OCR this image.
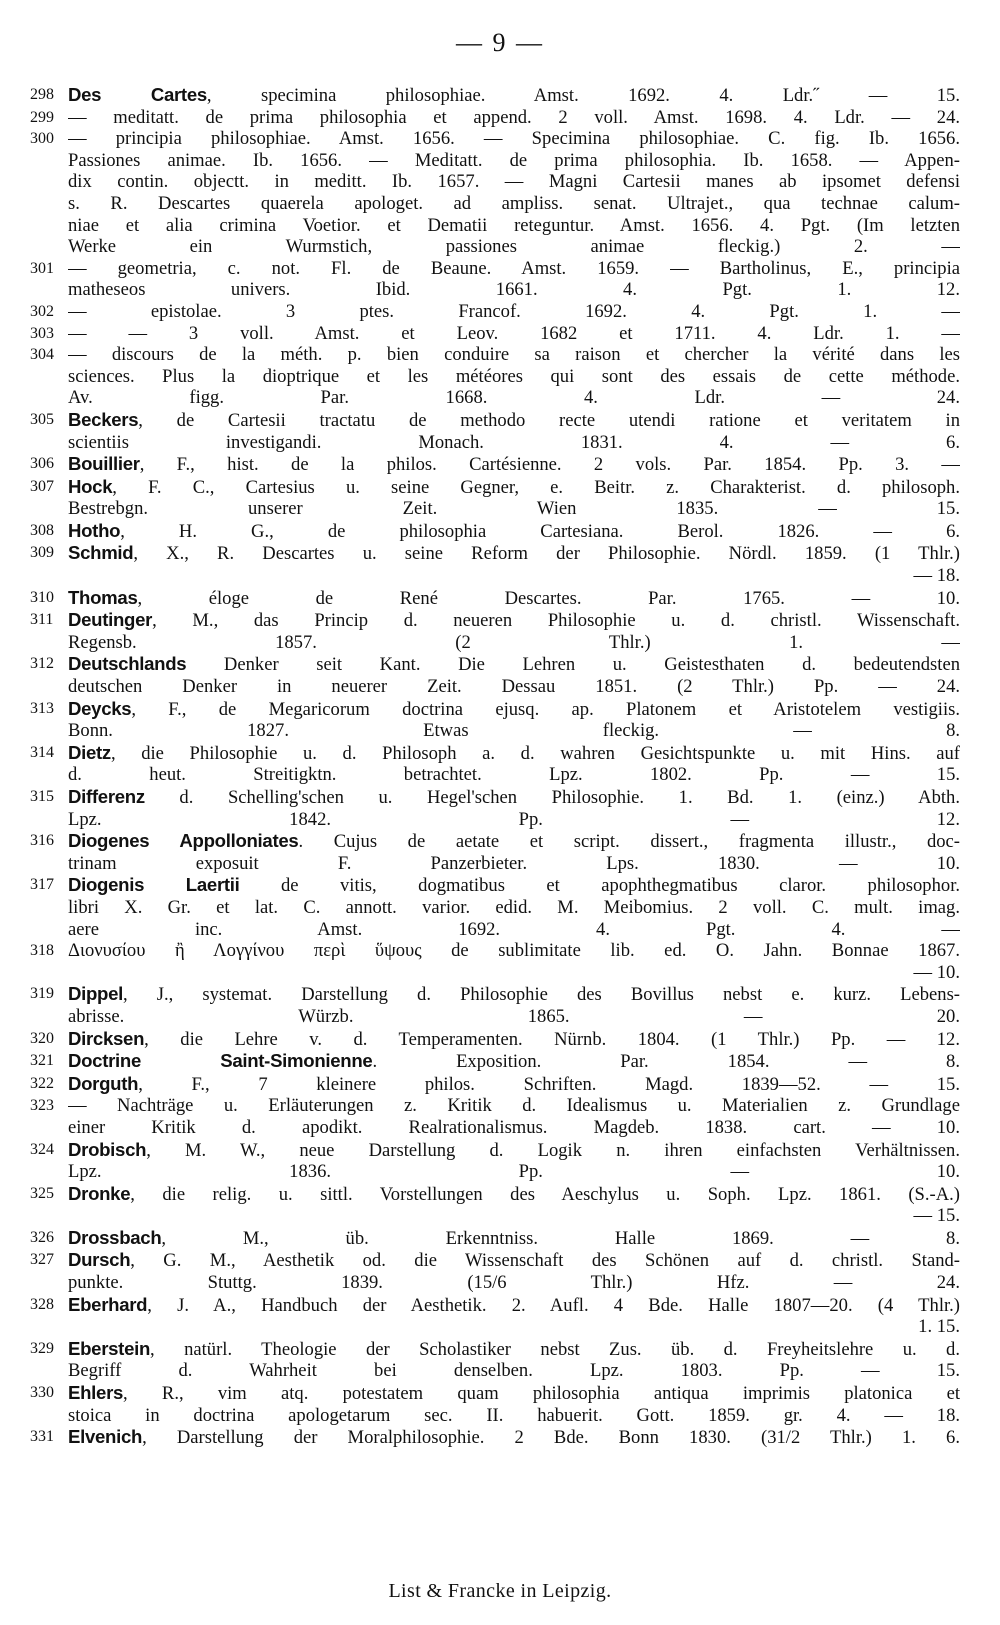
— 9 —
298 Des Cartes, specimina philosophiae. Amst. 1692. 4. Ldr.˝	— 15.
299 — meditatt. de prima philosophia et append. 2 voll. Amst. 1698. 4. Ldr. — 24.
300 — principia philosophiae. Amst. 1656. — Specimina philosophiae. C. fig. Ib. 1656.
Passiones animae. Ib. 1656. — Meditatt. de prima philosophia. Ib. 1658. — Appen-
dix contin. objectt. in meditt. Ib. 1657. — Magni Cartesii manes ab ipsomet defensi
s. R. Descartes quaerela apologet. ad ampliss. senat. Ultrajet., qua technae calum-
niae et alia crimina Voetior. et Dematii reteguntur. Amst. 1656. 4. Pgt. (Im letzten
Werke ein Wurmstich, passiones animae fleckig.)	2. —
301 — geometria, c. not. Fl. de Beaune. Amst. 1659. — Bartholinus, E., principia
matheseos univers. Ibid. 1661. 4. Pgt.	1. 12.
302 — epistolae. 3 ptes. Francof. 1692. 4. Pgt.	1. —
303 — — 3 voll. Amst. et Leov. 1682 et 1711. 4. Ldr. 1. —
304 — discours de la méth. p. bien conduire sa raison et chercher la vérité dans les
sciences. Plus la dioptrique et les météores qui sont des essais de cette méthode.
Av. figg. Par. 1668. 4. Ldr.	— 24.
305 Beckers, de Cartesii tractatu de methodo recte utendi ratione et veritatem in
scientiis investigandi. Monach. 1831. 4.	— 6.
306 Bouillier, F., hist. de la philos. Cartésienne. 2 vols. Par. 1854. Pp. 3. —
307 Hock, F. C., Cartesius u. seine Gegner, e. Beitr. z. Charakterist. d. philosoph.
Bestrebgn. unserer Zeit. Wien 1835.	— 15.
308 Hotho, H. G., de philosophia Cartesiana. Berol. 1826.	— 6.
309 Schmid, X., R. Descartes u. seine Reform der Philosophie. Nördl. 1859. (1 Thlr.)
— 18.
310 Thomas, éloge de René Descartes. Par. 1765.	— 10.
311 Deutinger, M., das Princip d. neueren Philosophie u. d. christl. Wissenschaft.
Regensb. 1857. (2 Thlr.)	1. —
312 Deutschlands Denker seit Kant. Die Lehren u. Geistesthaten d. bedeutendsten
deutschen Denker in neuerer Zeit. Dessau 1851. (2 Thlr.) Pp. — 24.
313 Deycks, F., de Megaricorum doctrina ejusq. ap. Platonem et Aristotelem vestigiis.
Bonn. 1827. Etwas fleckig.	— 8.
314 Dietz, die Philosophie u. d. Philosoph a. d. wahren Gesichtspunkte u. mit Hins. auf
d. heut. Streitigktn. betrachtet. Lpz. 1802. Pp.	— 15.
315 Differenz d. Schelling'schen u. Hegel'schen Philosophie. 1. Bd. 1. (einz.) Abth.
Lpz. 1842. Pp.	— 12.
316 Diogenes Appolloniates. Cujus de aetate et script. dissert., fragmenta illustr., doc-
trinam exposuit F. Panzerbieter. Lps. 1830.	— 10.
317 Diogenis Laertii de vitis, dogmatibus et apophthegmatibus claror. philosophor.
libri X. Gr. et lat. C. annott. varior. edid. M. Meibomius. 2 voll. C. mult. imag.
aere inc. Amst. 1692. 4. Pgt.	4. —
318 Διονυσίου ἢ Λογγίνου περὶ ὕψους de sublimitate lib. ed. O. Jahn. Bonnae 1867.
— 10.
319 Dippel, J., systemat. Darstellung d. Philosophie des Bovillus nebst e. kurz. Lebens-
abrisse. Würzb. 1865.	— 20.
320 Dircksen, die Lehre v. d. Temperamenten. Nürnb. 1804. (1 Thlr.) Pp. — 12.
321 Doctrine Saint-Simonienne. Exposition. Par. 1854.	— 8.
322 Dorguth, F., 7 kleinere philos. Schriften. Magd. 1839—52.	— 15.
323 — Nachträge u. Erläuterungen z. Kritik d. Idealismus u. Materialien z. Grundlage
einer Kritik d. apodikt. Realrationalismus. Magdeb. 1838. cart. — 10.
324 Drobisch, M. W., neue Darstellung d. Logik n. ihren einfachsten Verhältnissen.
Lpz. 1836. Pp.	— 10.
325 Dronke, die relig. u. sittl. Vorstellungen des Aeschylus u. Soph. Lpz. 1861. (S.-A.)
— 15.
326 Drossbach, M., üb. Erkenntniss. Halle 1869.	— 8.
327 Dursch, G. M., Aesthetik od. die Wissenschaft des Schönen auf d. christl. Stand-
punkte. Stuttg. 1839. (15/6 Thlr.) Hfz.	— 24.
328 Eberhard, J. A., Handbuch der Aesthetik. 2. Aufl. 4 Bde. Halle 1807—20. (4 Thlr.)
1. 15.
329 Eberstein, natürl. Theologie der Scholastiker nebst Zus. üb. d. Freyheitslehre u. d.
Begriff d. Wahrheit bei denselben. Lpz. 1803. Pp.	— 15.
330 Ehlers, R., vim atq. potestatem quam philosophia antiqua imprimis platonica et
stoica in doctrina apologetarum sec. II. habuerit. Gott. 1859. gr. 4. — 18.
331 Elvenich, Darstellung der Moralphilosophie. 2 Bde. Bonn 1830. (31/2 Thlr.) 1. 6.
List & Francke in Leipzig.
